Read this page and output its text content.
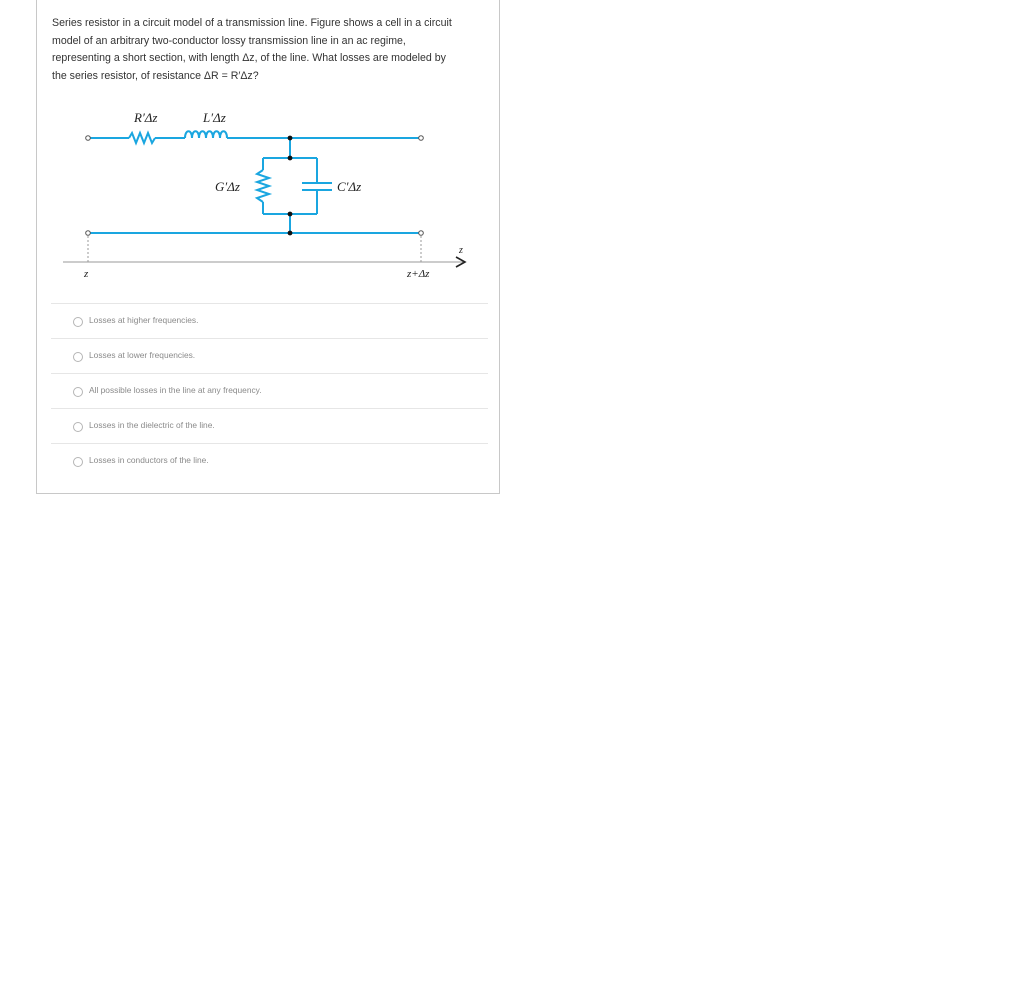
Series resistor in a circuit model of a transmission line. Figure shows a cell in a circuit
model of an arbitrary two-conductor lossy transmission line in an ac regime,
representing a short section, with length Δz, of the line. What losses are modeled by
the series resistor, of resistance ΔR = R′Δz?

R′Δz	L′Δz
G′Δz	C′Δz
z	z+Δz
z
Losses at higher frequencies.
Losses at lower frequencies.
All possible losses in the line at any frequency.
Losses in the dielectric of the line.
Losses in conductors of the line.
